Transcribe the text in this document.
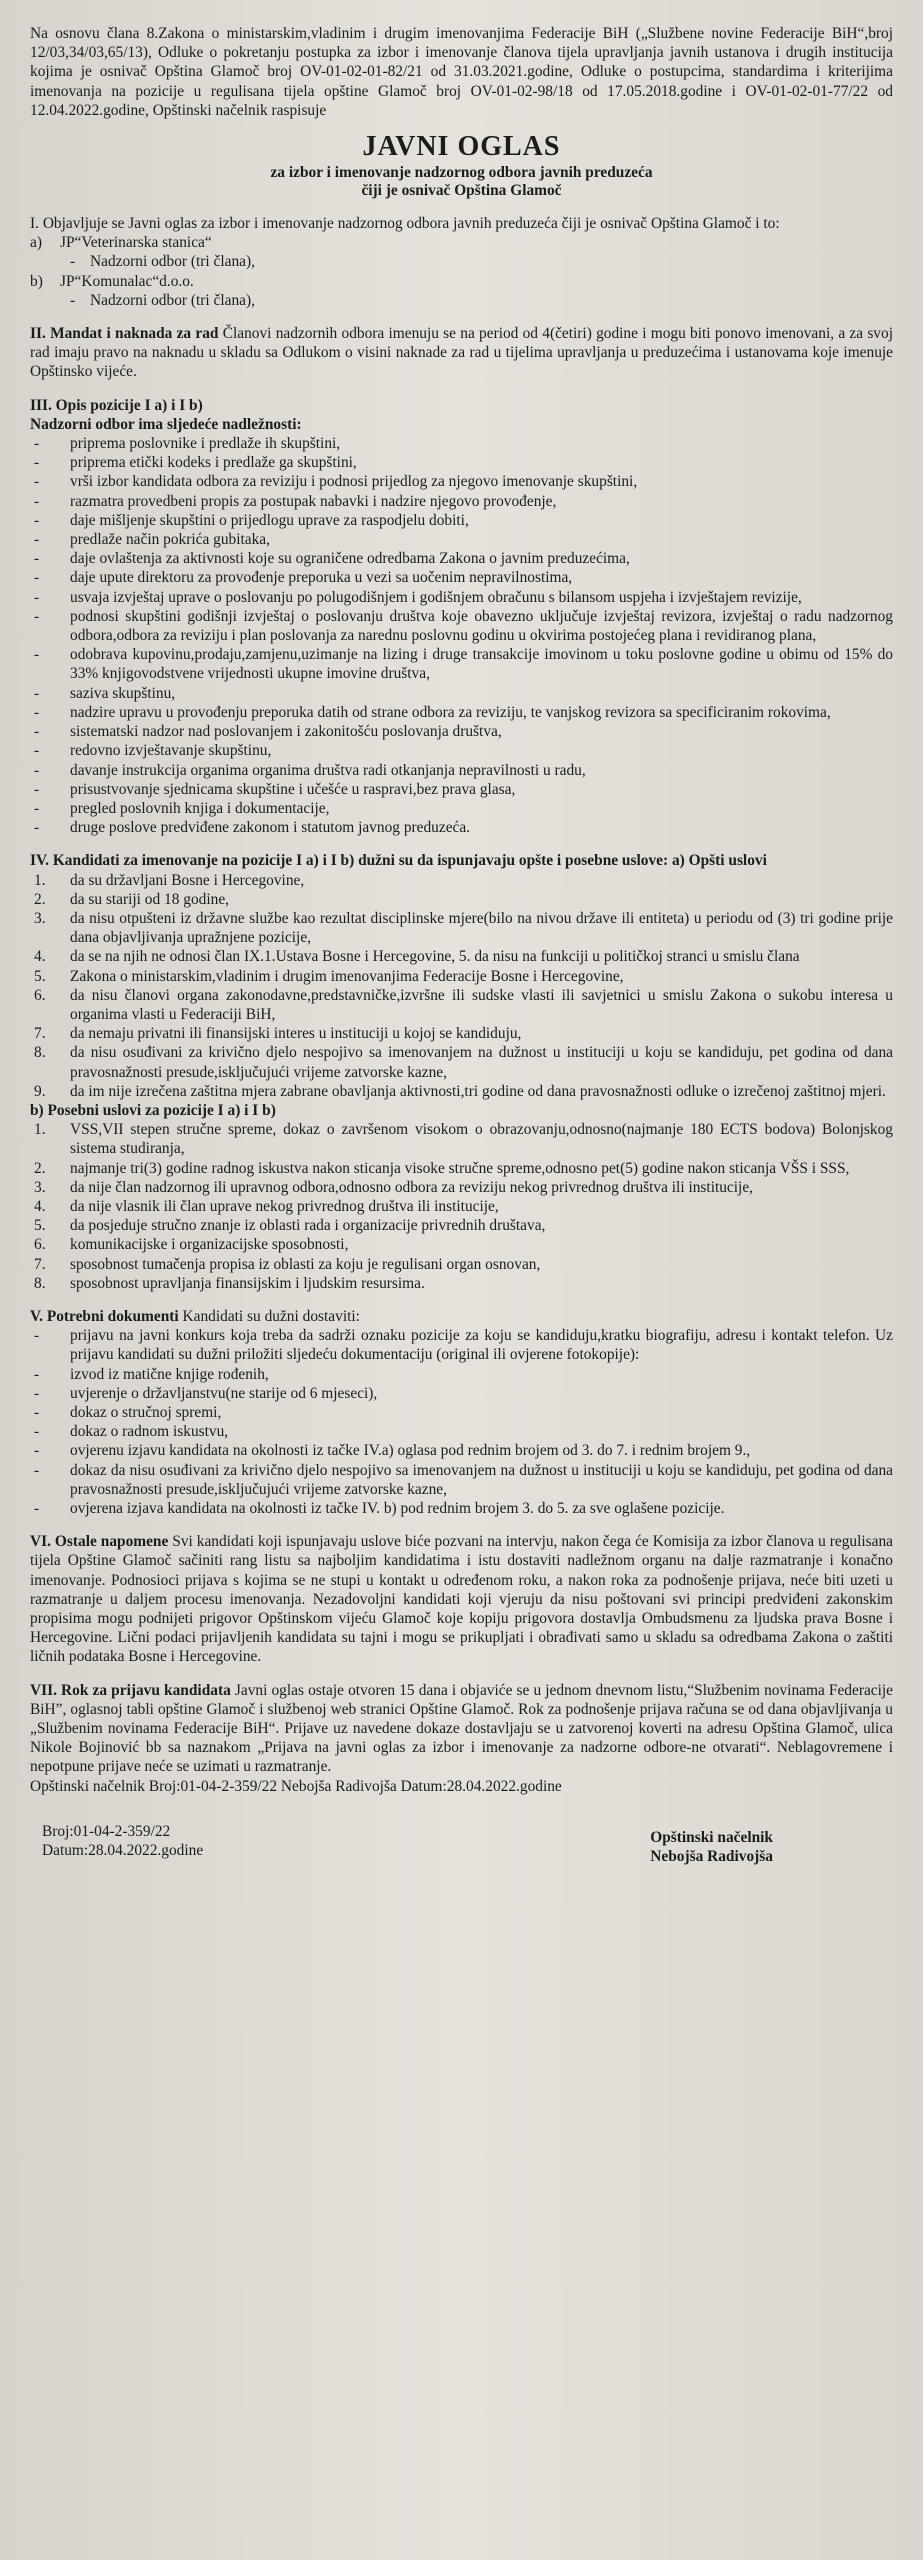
Na osnovu člana 8.Zakona o ministarskim,vladinim i drugim imenovanjima Federacije BiH („Službene novine Federacije BiH“,broj 12/03,34/03,65/13), Odluke o pokretanju postupka za izbor i imenovanje članova tijela upravljanja javnih ustanova i drugih institucija kojima je osnivač Opština Glamoč broj OV-01-02-01-82/21 od 31.03.2021.godine, Odluke o postupcima, standardima i kriterijima imenovanja na pozicije u regulisana tijela opštine Glamoč broj OV-01-02-98/18 od 17.05.2018.godine i OV-01-02-01-77/22 od 12.04.2022.godine, Opštinski načelnik raspisuje

JAVNI OGLAS
za izbor i imenovanje nadzornog odbora javnih preduzeća
čiji je osnivač Opština Glamoč

I. Objavljuje se Javni oglas za izbor i imenovanje nadzornog odbora javnih preduzeća čiji je osnivač Opština Glamoč i to:

a) JP“Veterinarska stanica“
- Nadzorni odbor (tri člana),
b) JP“Komunalac“d.o.o.
- Nadzorni odbor (tri člana),

II. Mandat i naknada za rad Članovi nadzornih odbora imenuju se na period od 4(četiri) godine i mogu biti ponovo imenovani, a za svoj rad imaju pravo na naknadu u skladu sa Odlukom o visini naknade za rad u tijelima upravljanja u preduzećima i ustanovama koje imenuje Opštinsko vijeće.

III. Opis pozicije I a) i I b)
Nadzorni odbor ima sljedeće nadležnosti:
- priprema poslovnike i predlaže ih skupštini,
- priprema etički kodeks i predlaže ga skupštini,
- vrši izbor kandidata odbora za reviziju i podnosi prijedlog za njegovo imenovanje skupštini,
- razmatra provedbeni propis za postupak nabavki i nadzire njegovo provođenje,
- daje mišljenje skupštini o prijedlogu uprave za raspodjelu dobiti,
- predlaže način pokrića gubitaka,
- daje ovlaštenja za aktivnosti koje su ograničene odredbama Zakona o javnim preduzećima,
- daje upute direktoru za provođenje preporuka u vezi sa uočenim nepravilnostima,
- usvaja izvještaj uprave o poslovanju po polugodišnjem i godišnjem obračunu s bilansom uspjeha i izvještajem revizije,
- podnosi skupštini godišnji izvještaj o poslovanju društva koje obavezno uključuje izvještaj revizora, izvještaj o radu nadzornog odbora,odbora za reviziju i plan poslovanja za narednu poslovnu godinu u okvirima postojećeg plana i revidiranog plana,
- odobrava kupovinu,prodaju,zamjenu,uzimanje na lizing i druge transakcije imovinom u toku poslovne godine u obimu od 15% do 33% knjigovodstvene vrijednosti ukupne imovine društva,
- saziva skupštinu,
- nadzire upravu u provođenju preporuka datih od strane odbora za reviziju, te vanjskog revizora sa specificiranim rokovima,
- sistematski nadzor nad poslovanjem i zakonitošću poslovanja društva,
- redovno izvještavanje skupštinu,
- davanje instrukcija organima organima društva radi otkanjanja nepravilnosti u radu,
- prisustvovanje sjednicama skupštine i učešće u raspravi,bez prava glasa,
- pregled poslovnih knjiga i dokumentacije,
- druge poslove predviđene zakonom i statutom javnog preduzeća.
IV. Kandidati za imenovanje na pozicije I a) i I b) dužni su da ispunjavaju opšte i posebne uslove: a) Opšti uslovi
1. da su državljani Bosne i Hercegovine,
2. da su stariji od 18 godine,
3. da nisu otpušteni iz državne službe kao rezultat disciplinske mjere(bilo na nivou države ili entiteta) u periodu od (3) tri godine prije dana objavljivanja upražnjene pozicije,
4. da se na njih ne odnosi član IX.1.Ustava Bosne i Hercegovine, 5. da nisu na funkciji u političkoj stranci u smislu člana
5. Zakona o ministarskim,vladinim i drugim imenovanjima Federacije Bosne i Hercegovine,
6. da nisu članovi organa zakonodavne,predstavničke,izvršne ili sudske vlasti ili savjetnici u smislu Zakona o sukobu interesa u organima vlasti u Federaciji BiH,
7. da nemaju privatni ili finansijski interes u instituciji u kojoj se kandiduju,
8. da nisu osuđivani za krivično djelo nespojivo sa imenovanjem na dužnost u instituciji u koju se kandiduju, pet godina od dana pravosnažnosti presude,isključujući vrijeme zatvorske kazne,
9. da im nije izrečena zaštitna mjera zabrane obavljanja aktivnosti,tri godine od dana pravosnažnosti odluke o izrečenoj zaštitnoj mjeri.
b) Posebni uslovi za pozicije I a) i I b)
1. VSS,VII stepen stručne spreme, dokaz o završenom visokom o obrazovanju,odnosno(najmanje 180 ECTS bodova) Bolonjskog sistema studiranja,
2. najmanje tri(3) godine radnog iskustva nakon sticanja visoke stručne spreme,odnosno pet(5) godine nakon sticanja VŠS i SSS,
3. da nije član nadzornog ili upravnog odbora,odnosno odbora za reviziju nekog privrednog društva ili institucije,
4. da nije vlasnik ili član uprave nekog privrednog društva ili institucije,
5. da posjeduje stručno znanje iz oblasti rada i organizacije privrednih društava,
6. komunikacijske i organizacijske sposobnosti,
7. sposobnost tumačenja propisa iz oblasti za koju je regulisani organ osnovan,
8. sposobnost upravljanja finansijskim i ljudskim resursima.

V. Potrebni dokumenti Kandidati su dužni dostaviti:

- prijavu na javni konkurs koja treba da sadrži oznaku pozicije za koju se kandiduju,kratku biografiju, adresu i kontakt telefon. Uz prijavu kandidati su dužni priložiti sljedeću dokumentaciju (original ili ovjerene fotokopije):
- izvod iz matične knjige rođenih,
- uvjerenje o državljanstvu(ne starije od 6 mjeseci),
- dokaz o stručnoj spremi,
- dokaz o radnom iskustvu,
- ovjerenu izjavu kandidata na okolnosti iz tačke IV.a) oglasa pod rednim brojem od 3. do 7. i rednim brojem 9.,
- dokaz da nisu osuđivani za krivično djelo nespojivo sa imenovanjem na dužnost u instituciji u koju se kandiduju, pet godina od dana pravosnažnosti presude,isključujući vrijeme zatvorske kazne,
- ovjerena izjava kandidata na okolnosti iz tačke IV. b) pod rednim brojem 3. do 5. za sve oglašene pozicije.

VI. Ostale napomene Svi kandidati koji ispunjavaju uslove biće pozvani na intervju, nakon čega će Komisija za izbor članova u regulisana tijela Opštine Glamoč sačiniti rang listu sa najboljim kandidatima i istu dostaviti nadležnom organu na dalje razmatranje i konačno imenovanje. Podnosioci prijava s kojima se ne stupi u kontakt u određenom roku, a nakon roka za podnošenje prijava, neće biti uzeti u razmatranje u daljem procesu imenovanja. Nezadovoljni kandidati koji vjeruju da nisu poštovani svi principi predviđeni zakonskim propisima mogu podnijeti prigovor Opštinskom vijeću Glamoč koje kopiju prigovora dostavlja Ombudsmenu za ljudska prava Bosne i Hercegovine. Lični podaci prijavljenih kandidata su tajni i mogu se prikupljati i obrađivati samo u skladu sa odredbama Zakona o zaštiti ličnih podataka Bosne i Hercegovine.

VII. Rok za prijavu kandidata Javni oglas ostaje otvoren 15 dana i objaviće se u jednom dnevnom listu,“Službenim novinama Federacije BiH”, oglasnoj tabli opštine Glamoč i službenoj web stranici Opštine Glamoč. Rok za podnošenje prijava računa se od dana objavljivanja u „Službenim novinama Federacije BiH“. Prijave uz navedene dokaze dostavljaju se u zatvorenoj koverti na adresu Opština Glamoč, ulica Nikole Bojinović bb sa naznakom „Prijava na javni oglas za izbor i imenovanje za nadzorne odbore-ne otvarati“. Neblagovremene i nepotpune prijave neće se uzimati u razmatranje.

Opštinski načelnik Broj:01-04-2-359/22 Nebojša Radivojša Datum:28.04.2022.godine

Broj:01-04-2-359/22
Datum:28.04.2022.godine
Opštinski načelnik
Nebojša Radivojša
